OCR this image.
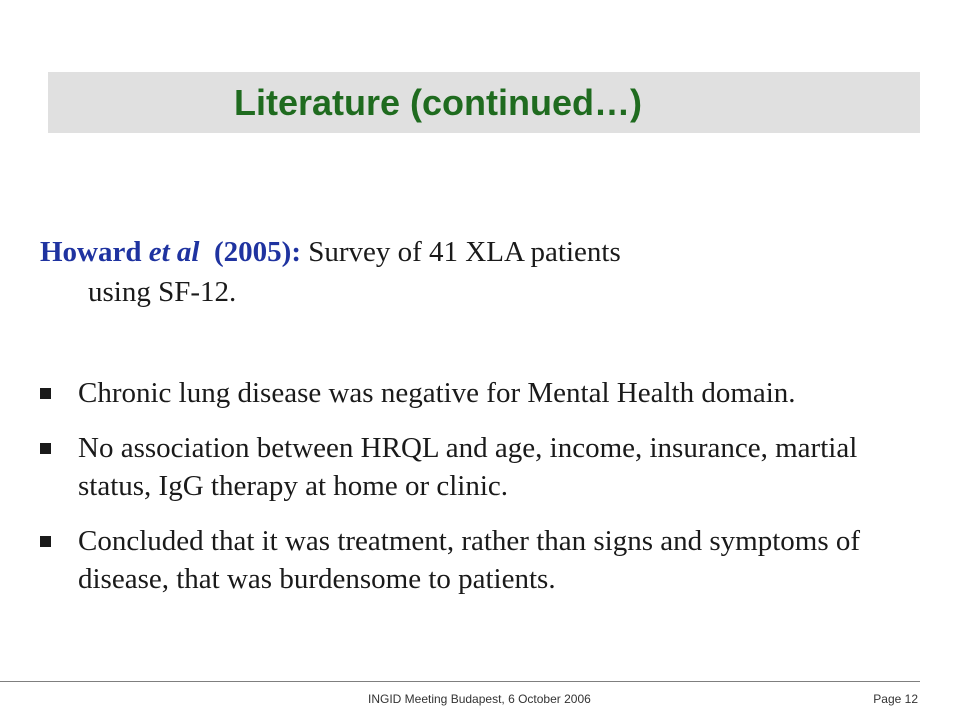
Literature (continued…)

Howard et al (2005): Survey of 41 XLA patients
using SF-12.

Chronic lung disease was negative for Mental Health domain.
No association between HRQL and age, income, insurance, martial status, IgG therapy at home or clinic.
Concluded that it was treatment, rather than signs and symptoms of disease, that was burdensome to patients.
INGID Meeting Budapest, 6 October 2006	Page 12
